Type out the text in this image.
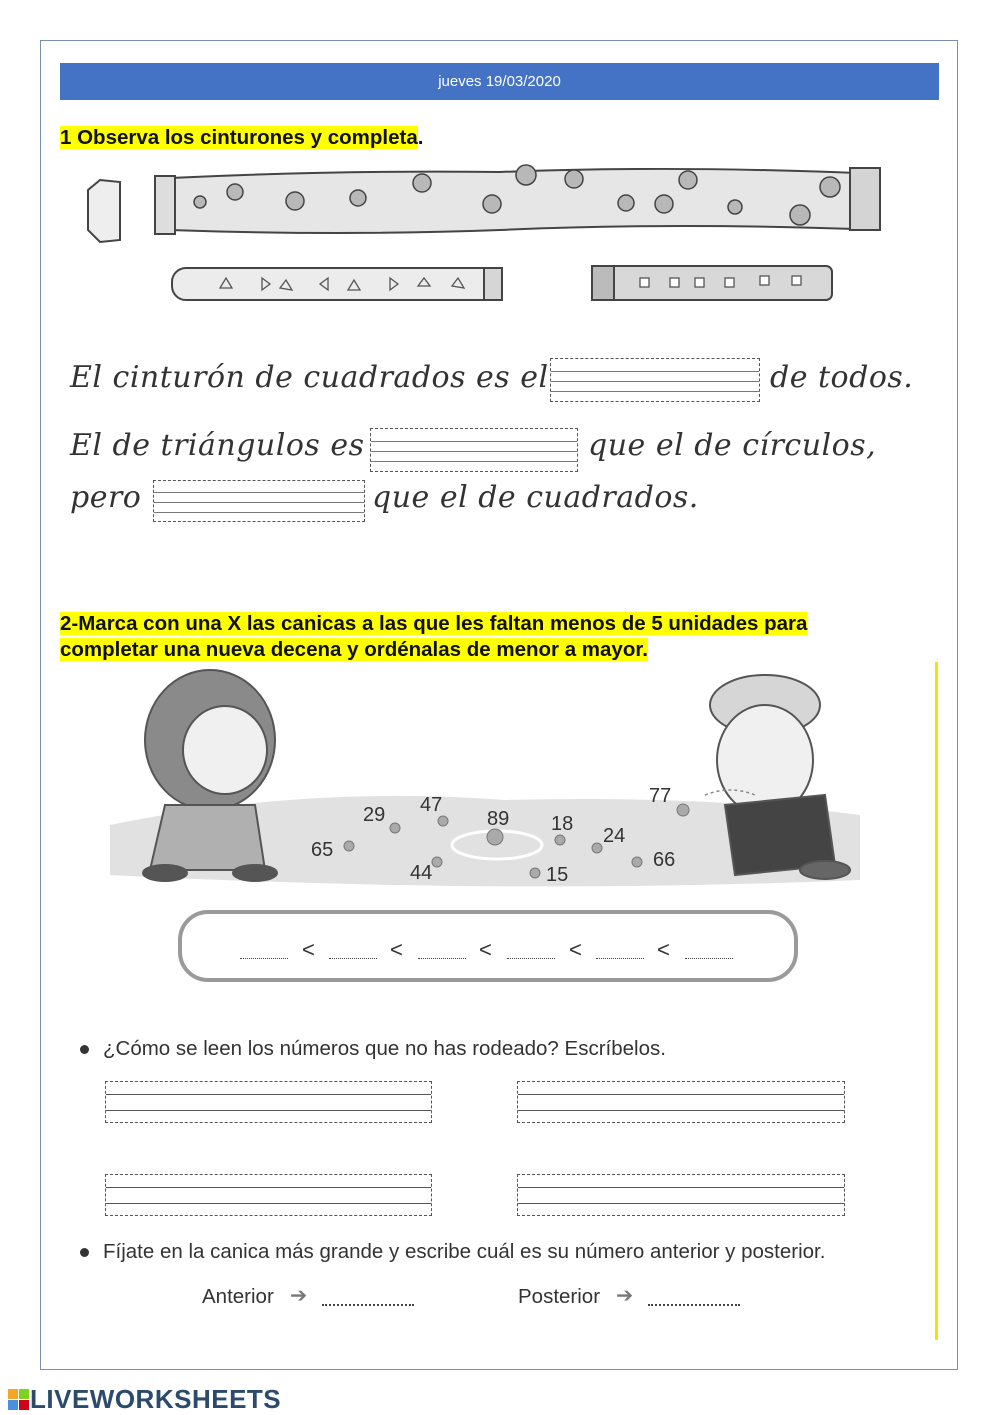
jueves 19/03/2020
1 Observa los cinturones y completa.
El cinturón de cuadrados es el	de todos.
El de triángulos es	que el de círculos,
pero	que el de cuadrados.
2-Marca con una X las canicas a las que les faltan menos de 5 unidades para
completar una nueva decena y ordénalas de menor a mayor.
29 47
89 18
77
24
65
44	15
66
<	<	<	<	<
¿Cómo se leen los números que no has rodeado? Escríbelos.
Fíjate en la canica más grande y escribe cuál es su número anterior y posterior.
Anterior ➔	Posterior ➔
LIVEWORKSHEETS
